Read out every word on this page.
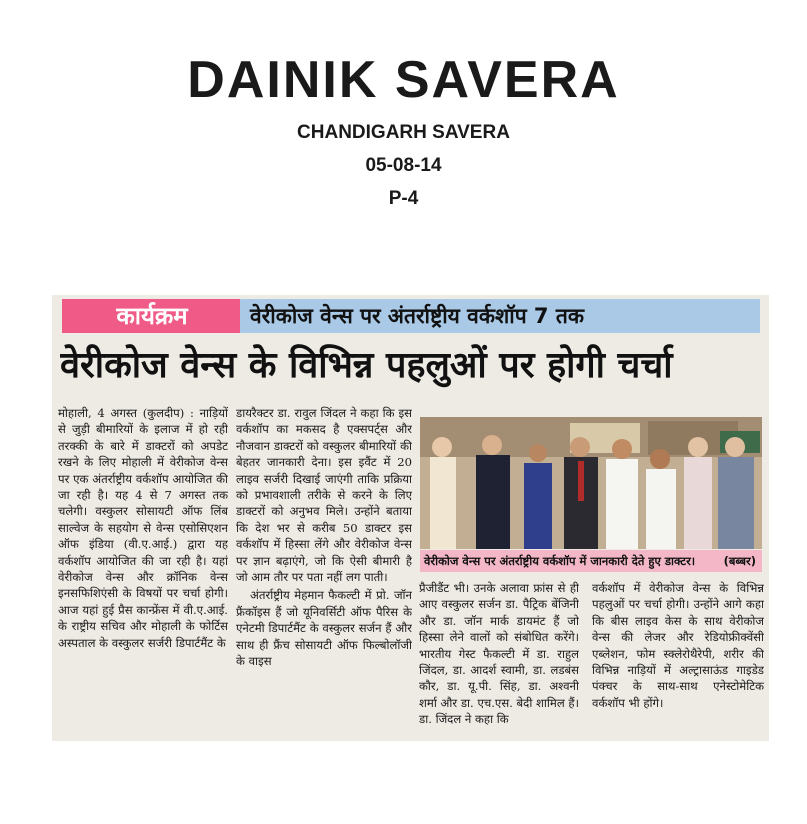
DAINIK SAVERA
CHANDIGARH SAVERA
05-08-14
P-4
कार्यक्रम	वेरीकोज वेन्स पर अंतर्राष्ट्रीय वर्कशॉप 7 तक
वेरीकोज वेन्स के विभिन्न पहलुओं पर होगी चर्चा

मोहाली, 4 अगस्त (कुलदीप) : नाड़ियों से जुड़ी बीमारियों के इलाज में हो रही तरक्की के बारे में डाक्टरों को अपडेट रखने के लिए मोहाली में वेरीकोज वेन्स पर एक अंतर्राष्ट्रीय वर्कशॉप आयोजित की जा रही है। यह 4 से 7 अगस्त तक चलेगी। वस्कुलर सोसायटी ऑफ लिंब साल्वेज के सहयोग से वेन्स एसोसिएशन ऑफ इंडिया (वी.ए.आई.) द्वारा यह वर्कशॉप आयोजित की जा रही है। यहां वेरीकोज वेन्स और क्रॉनिक वेन्स इनसफिशिएंसी के विषयों पर चर्चा होगी। आज यहां हुई प्रैस कान्फ्रेंस में वी.ए.आई. के राष्ट्रीय सचिव और मोहाली के फोर्टिस अस्पताल के वस्कुलर सर्जरी डिपार्टमैंट के

डायरैक्टर डा. रावुल जिंदल ने कहा कि इस वर्कशॉप का मकसद है एक्सपर्ट्स और नौजवान डाक्टरों को वस्कुलर बीमारियों की बेहतर जानकारी देना। इस इवैंट में 20 लाइव सर्जरी दिखाई जाएंगी ताकि प्रक्रिया को प्रभावशाली तरीके से करने के लिए डाक्टरों को अनुभव मिले। उन्होंने बताया कि देश भर से करीब 50 डाक्टर इस वर्कशॉप में हिस्सा लेंगे और वेरीकोज वेन्स पर ज्ञान बढ़ाएंगे, जो कि ऐसी बीमारी है जो आम तौर पर पता नहीं लग पाती।

अंतर्राष्ट्रीय मेहमान फैकल्टी में प्रो. जॉन फ्रैंकॉइस हैं जो यूनिवर्सिटी ऑफ पैरिस के एनेटमी डिपार्टमैंट के वस्कुलर सर्जन हैं और साथ ही फ्रैंच सोसायटी ऑफ फिल्बोलॉजी के वाइस

वेरीकोज वेन्स पर अंतर्राष्ट्रीय वर्कशॉप में जानकारी देते हुए डाक्टर। (बब्बर)

प्रैजीडैंट भी। उनके अलावा फ्रांस से ही आए वस्कुलर सर्जन डा. पैट्रिक बेंजिनी और डा. जॉन मार्क डायमंट हैं जो हिस्सा लेने वालों को संबोधित करेंगे। भारतीय गेस्ट फैकल्टी में डा. राहुल जिंदल, डा. आदर्श स्वामी, डा. लडबंस कौर, डा. यू.पी. सिंह, डा. अश्वनी शर्मा और डा. एच.एस. बेदी शामिल हैं। डा. जिंदल ने कहा कि

वर्कशॉप में वेरीकोज वेन्स के विभिन्न पहलुओं पर चर्चा होगी। उन्होंने आगे कहा कि बीस लाइव केस के साथ वेरीकोज वेन्स की लेजर और रेडियोफ्रीक्वेंसी एब्लेशन, फोम स्क्लेरोथैरेपी, शरीर की विभिन्न नाड़ियों में अल्ट्रासाऊंड गाइडेड पंक्चर के साथ-साथ एनेस्टोमेटिक वर्कशॉप भी होंगे।
